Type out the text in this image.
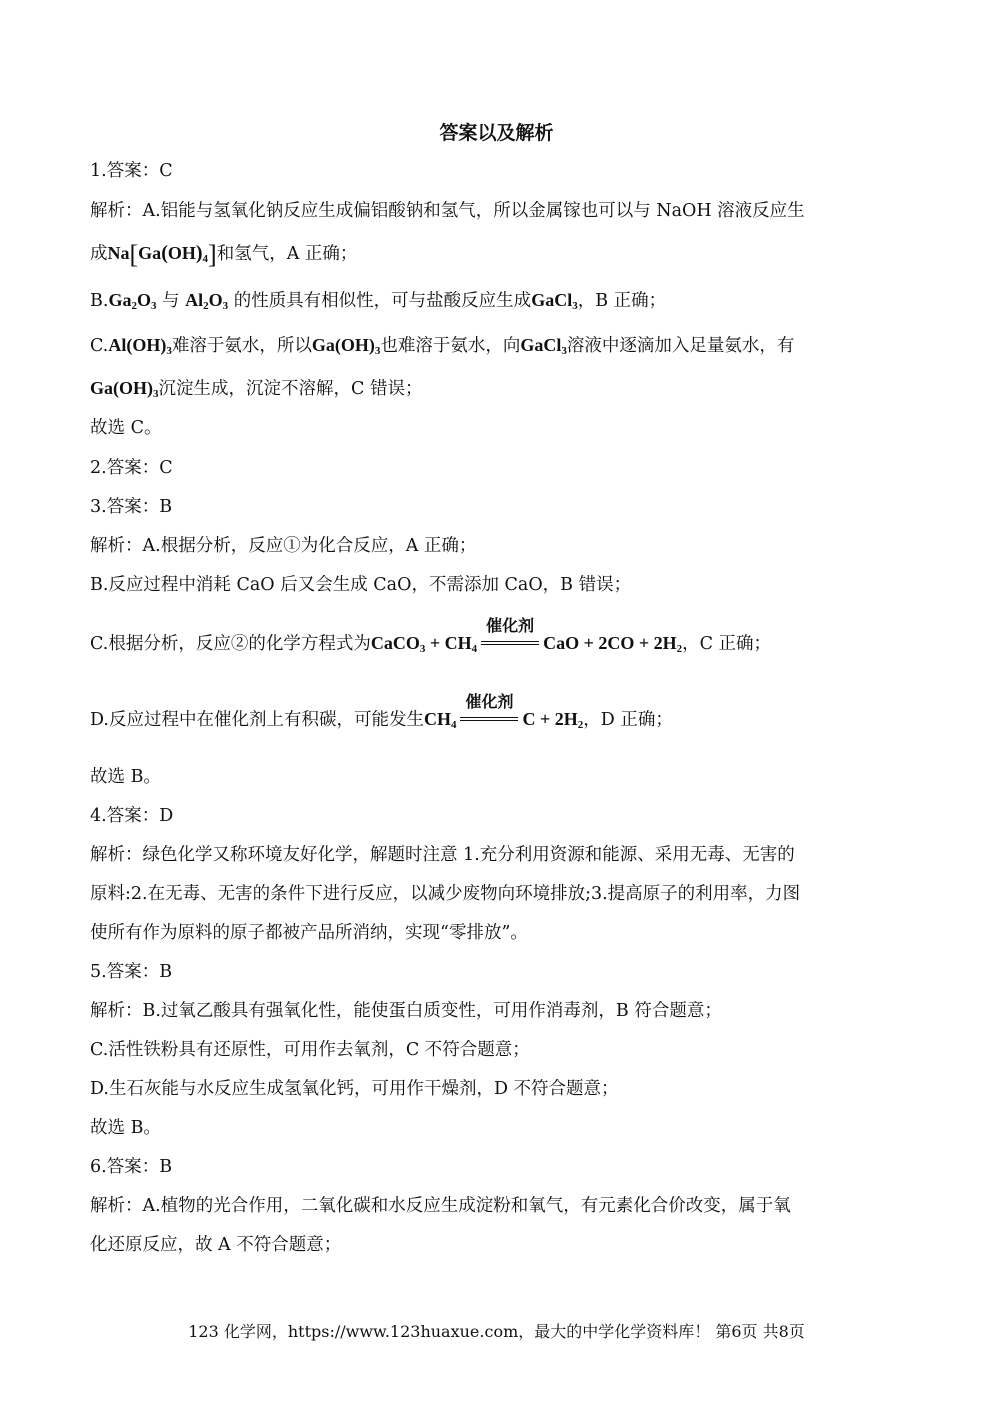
答案以及解析
1.答案：C
解析：A.铝能与氢氧化钠反应生成偏铝酸钠和氢气，所以金属镓也可以与 NaOH 溶液反应生
成$Na[Ga(OH)_4]$和氢气，A 正确；
$B.Ga_2O_3$ 与 $Al_2O_3$ 的性质具有相似性，可与盐酸反应生成GaCl$_3$，B 正确；
$C.Al(OH)_3$难溶于氨水，所以$Ga(OH)_3$也难溶于氨水，向GaCl$_3$溶液中逐滴加入足量氨水，有
$Ga(OH)_3$沉淀生成，沉淀不溶解，C 错误；
故选 C。
2.答案：C
3.答案：B
解析：A.根据分析，反应①为化合反应，A 正确；
B.反应过程中消耗 CaO 后又会生成 CaO，不需添加 CaO，B 错误；
C.根据分析，反应②的化学方程式为CaCO$_3$ + $CH_4$
催化剂
CaO + $2CO + 2H_2$，C 正确；
D.反应过程中在催化剂上有积碳，可能发生$CH_4$
催化剂
$C + 2H_2$，D 正确；
故选 B。
4.答案：D
解析：绿色化学又称环境友好化学，解题时注意 1.充分利用资源和能源、采用无毒、无害的
原料:2.在无毒、无害的条件下进行反应，以减少废物向环境排放;3.提高原子的利用率，力图
使所有作为原料的原子都被产品所消纳，实现“零排放”。
5.答案：B
解析：B.过氧乙酸具有强氧化性，能使蛋白质变性，可用作消毒剂，B 符合题意；
C.活性铁粉具有还原性，可用作去氧剂，C 不符合题意；
D.生石灰能与水反应生成氢氧化钙，可用作干燥剂，D 不符合题意；
故选 B。
6.答案：B
解析：A.植物的光合作用，二氧化碳和水反应生成淀粉和氧气，有元素化合价改变，属于氧
化还原反应，故 A 不符合题意；
123 化学网，https://www.123huaxue.com，最大的中学化学资料库！ 第6页 共8页
